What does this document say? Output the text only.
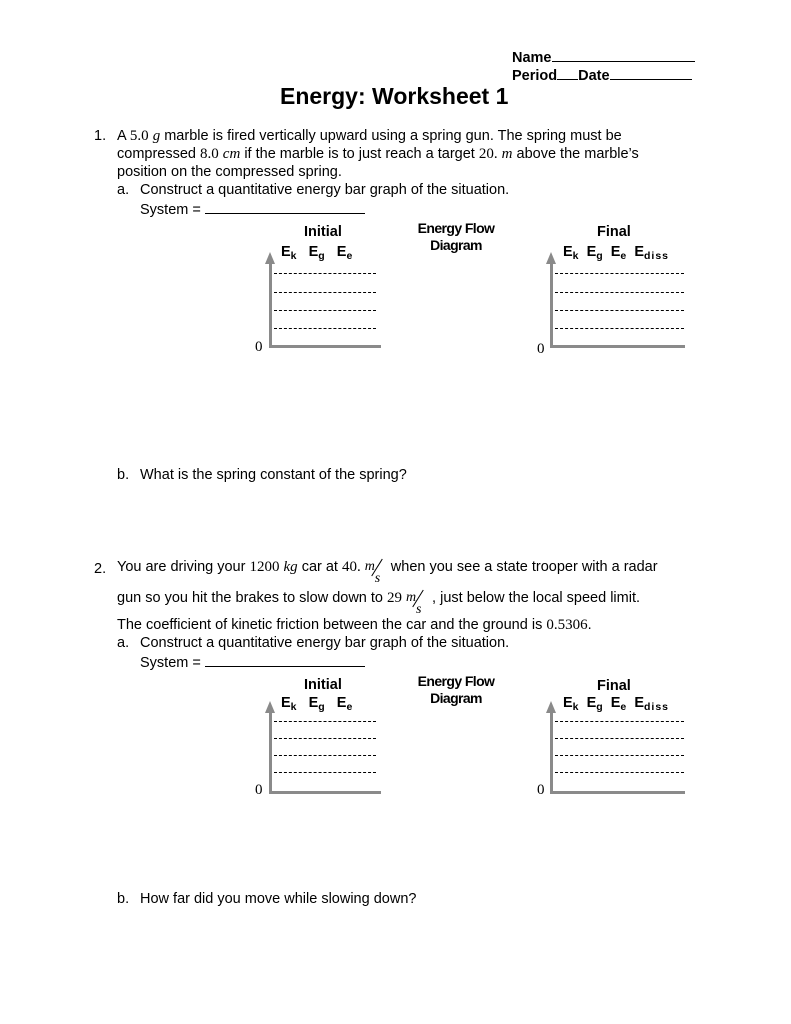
Name
Period Date
Energy: Worksheet 1
1. A 5.0 g marble is fired vertically upward using a spring gun. The spring must be
compressed 8.0 cm if the marble is to just reach a target 20. m above the marble’s
position on the compressed spring.
a. Construct a quantitative energy bar graph of the situation.
System =
Initial
$E_k$ $E_g$ $E_e$
0
Energy Flow
Diagram
Final
$E_k$ $E_g$ $E_e$ $E_{diss}$
0
b. What is the spring constant of the spring?
2. You are driving your 1200 kg car at 40. m
s
when you see a state trooper with a radar
gun so you hit the brakes to slow down to 29 m
s
, just below the local speed limit.
The coefficient of kinetic friction between the car and the ground is 0.5306.
a. Construct a quantitative energy bar graph of the situation.
System =
Initial
$E_k$ $E_g$ $E_e$
0
Energy Flow
Diagram
Final
$E_k$ $E_g$ $E_e$ $E_{diss}$
0
b. How far did you move while slowing down?
